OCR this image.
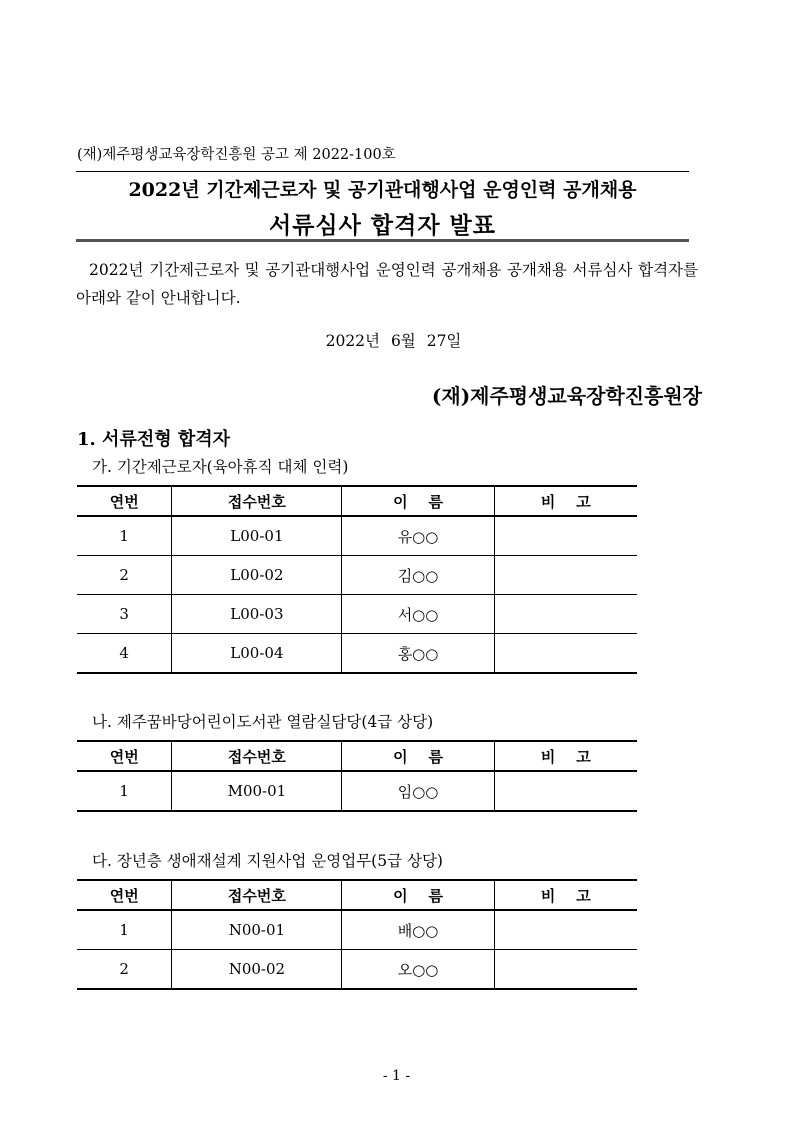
(재)제주평생교육장학진흥원 공고 제 2022-100호
2022년 기간제근로자 및 공기관대행사업 운영인력 공개채용
서류심사 합격자 발표
2022년 기간제근로자 및 공기관대행사업 운영인력 공개채용 공개채용 서류심사 합격자를 아래와 같이 안내합니다.
2022년 6월 27일
(재)제주평생교육장학진흥원장
1. 서류전형 합격자
가. 기간제근로자(육아휴직 대체 인력)
연번	접수번호	이    름	비    고
1	L00-01	유○○	
2	L00-02	김○○	
3	L00-03	서○○	
4	L00-04	홍○○	
나. 제주꿈바당어린이도서관 열람실담당(4급 상당)
연번	접수번호	이    름	비    고
1	M00-01	임○○	
다. 장년층 생애재설계 지원사업 운영업무(5급 상당)
연번	접수번호	이    름	비    고
1	N00-01	배○○	
2	N00-02	오○○	
- 1 -
